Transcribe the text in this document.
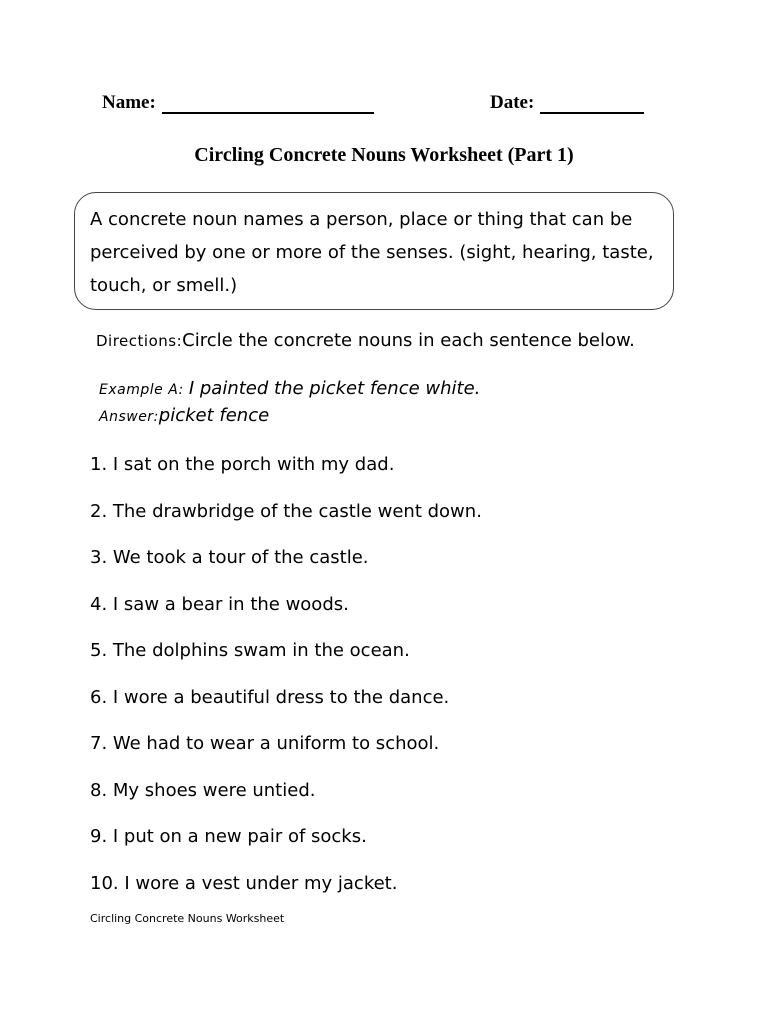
Name:	Date:
Circling Concrete Nouns Worksheet (Part 1)
A concrete noun names a person, place or thing that can be
perceived by one or more of the senses. (sight, hearing, taste,
touch, or smell.)
Directions:Circle the concrete nouns in each sentence below.
Example A: I painted the picket fence white.
Answer:picket fence
1. I sat on the porch with my dad.
2. The drawbridge of the castle went down.
3. We took a tour of the castle.
4. I saw a bear in the woods.
5. The dolphins swam in the ocean.
6. I wore a beautiful dress to the dance.
7. We had to wear a uniform to school.
8. My shoes were untied.
9. I put on a new pair of socks.
10. I wore a vest under my jacket.
Circling Concrete Nouns Worksheet
